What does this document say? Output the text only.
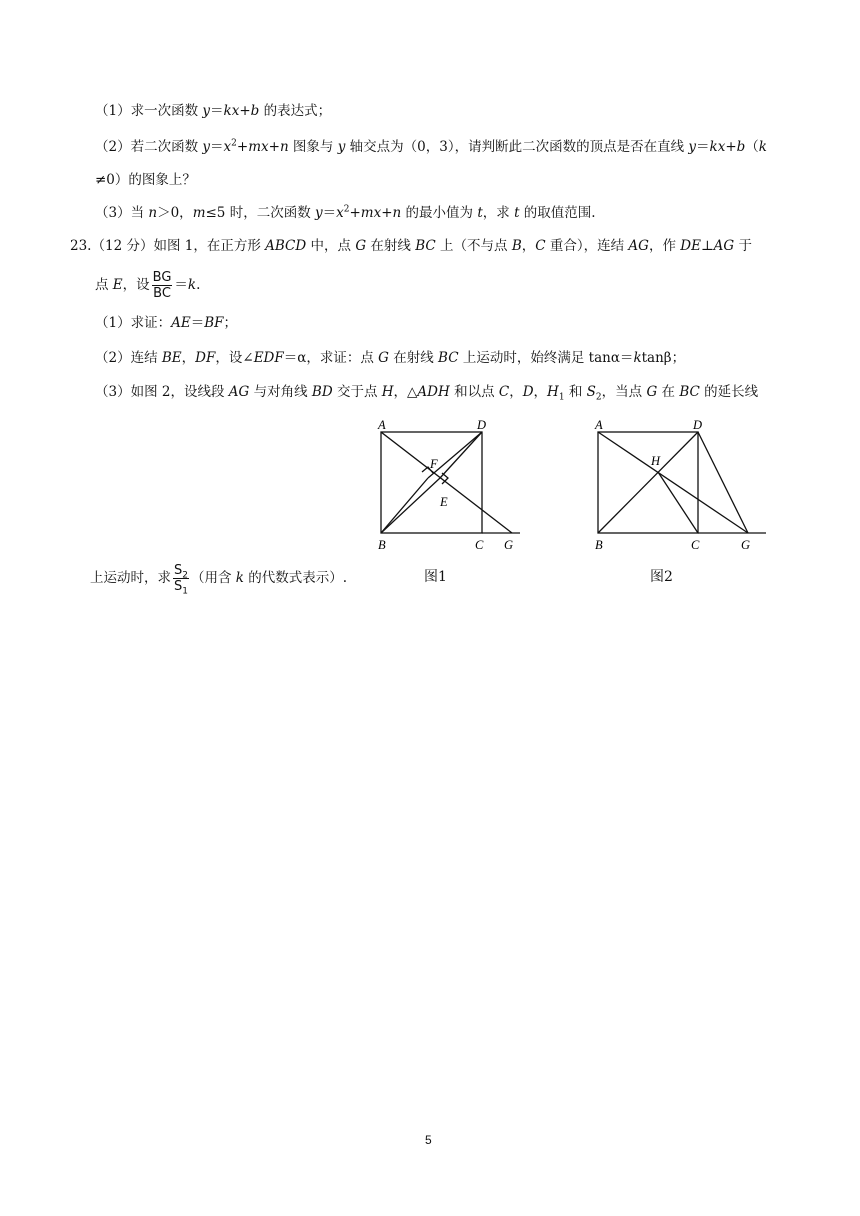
（1）求一次函数 y＝kx+b 的表达式；
（2）若二次函数 $y=x^2+mx+n$ 图象与 y 轴交点为（0，3），请判断此二次函数的顶点是否在直线 y＝kx+b（k
≠0）的图象上？
（3）当 n＞0，m≤5 时，二次函数 $y=x^2+mx+n$ 的最小值为 t，求 t 的取值范围.
23.（12 分）如图 1，在正方形 ABCD 中，点 G 在射线 BC 上（不与点 B，C 重合），连结 AG，作 DE⊥AG 于
点 E，设 $\frac{BG}{BC} =k$.
（1）求证：AE＝BF；
（2）连结 BE，DF，设∠EDF＝α，求证：点 G 在射线 BC 上运动时，始终满足 tanα＝ktanβ；
（3）如图 2，设线段 AG 与对角线 BD 交于点 H，△ADH 和以点 C，D，$H_1$ 和 $S_2$，当点 G 在 BC 的延长线
上运动时，求 $\frac{S_2}{S_1}$ （用含 k 的代数式表示）.
A	D
B	C G
F
E
图1
A	D
H
B	C	G
图2
5
